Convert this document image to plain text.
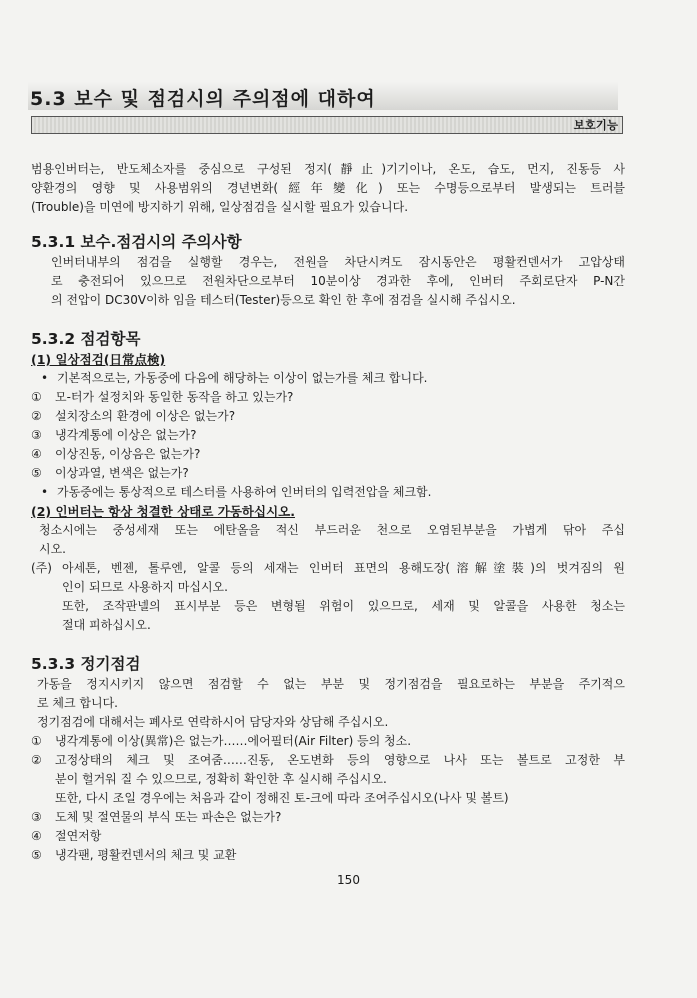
5.3 보수 및 점검시의 주의점에 대하여
보호기능

범용인버터는, 반도체소자를 중심으로 구성된 정지(靜止)기기이나, 온도, 습도, 먼지, 진동등 사

양환경의 영향 및 사용범위의 경년변화(經年變化) 또는 수명등으로부터 발생되는 트러블

(Trouble)을 미연에 방지하기 위해, 일상점검을 실시할 필요가 있습니다.

5.3.1 보수.점검시의 주의사항

인버터내부의 점검을 실행할 경우는, 전원을 차단시켜도 잠시동안은 평활컨덴서가 고압상태

로 충전되어 있으므로 전원차단으로부터 10분이상 경과한 후에, 인버터 주회로단자 P-N간

의 전압이 DC30V이하 임을 테스터(Tester)등으로 확인 한 후에 점검을 실시해 주십시오.

5.3.2 점검항목
(1) 일상점검(日常点検)
• 기본적으로는, 가동중에 다음에 해당하는 이상이 없는가를 체크 합니다.
①	모-터가 설정치와 동일한 동작을 하고 있는가?
②	설치장소의 환경에 이상은 없는가?
③	냉각계통에 이상은 없는가?
④	이상진동, 이상음은 없는가?
⑤	이상과열, 변색은 없는가?
• 가동중에는 통상적으로 테스터를 사용하여 인버터의 입력전압을 체크함.
(2) 인버터는 항상 청결한 상태로 가동하십시오.

청소시에는 중성세재 또는 에탄올을 적신 부드러운 천으로 오염된부분을 가볍게 닦아 주십

시오.

(주) 아세톤, 벤젠, 톨루엔, 알콜 등의 세재는 인버터 표면의 용해도장(溶解塗裝)의 벗겨짐의 원

인이 되므로 사용하지 마십시오.

또한, 조작판넬의 표시부분 등은 변형될 위험이 있으므로, 세재 및 알콜을 사용한 청소는

절대 피하십시오.

5.3.3 정기점검

가동을 정지시키지 않으면 점검할 수 없는 부분 및 정기점검을 필요로하는 부분을 주기적으

로 체크 합니다.

정기점검에 대해서는 폐사로 연락하시어 담당자와 상담해 주십시오.

①	냉각계통에 이상(異常)은 없는가……에어필터(Air Filter) 등의 청소.
②	고정상태의 체크 및 조여줌……진동, 온도변화 등의 영향으로 나사 또는 볼트로 고정한 부

분이 헐거워 질 수 있으므로, 정확히 확인한 후 실시해 주십시오.

또한, 다시 조일 경우에는 처음과 같이 정해진 토-크에 따라 조여주십시오(나사 및 볼트)

③	도체 및 절연물의 부식 또는 파손은 없는가?
④	절연저항
⑤	냉각팬, 평활컨덴서의 체크 및 교환
150
